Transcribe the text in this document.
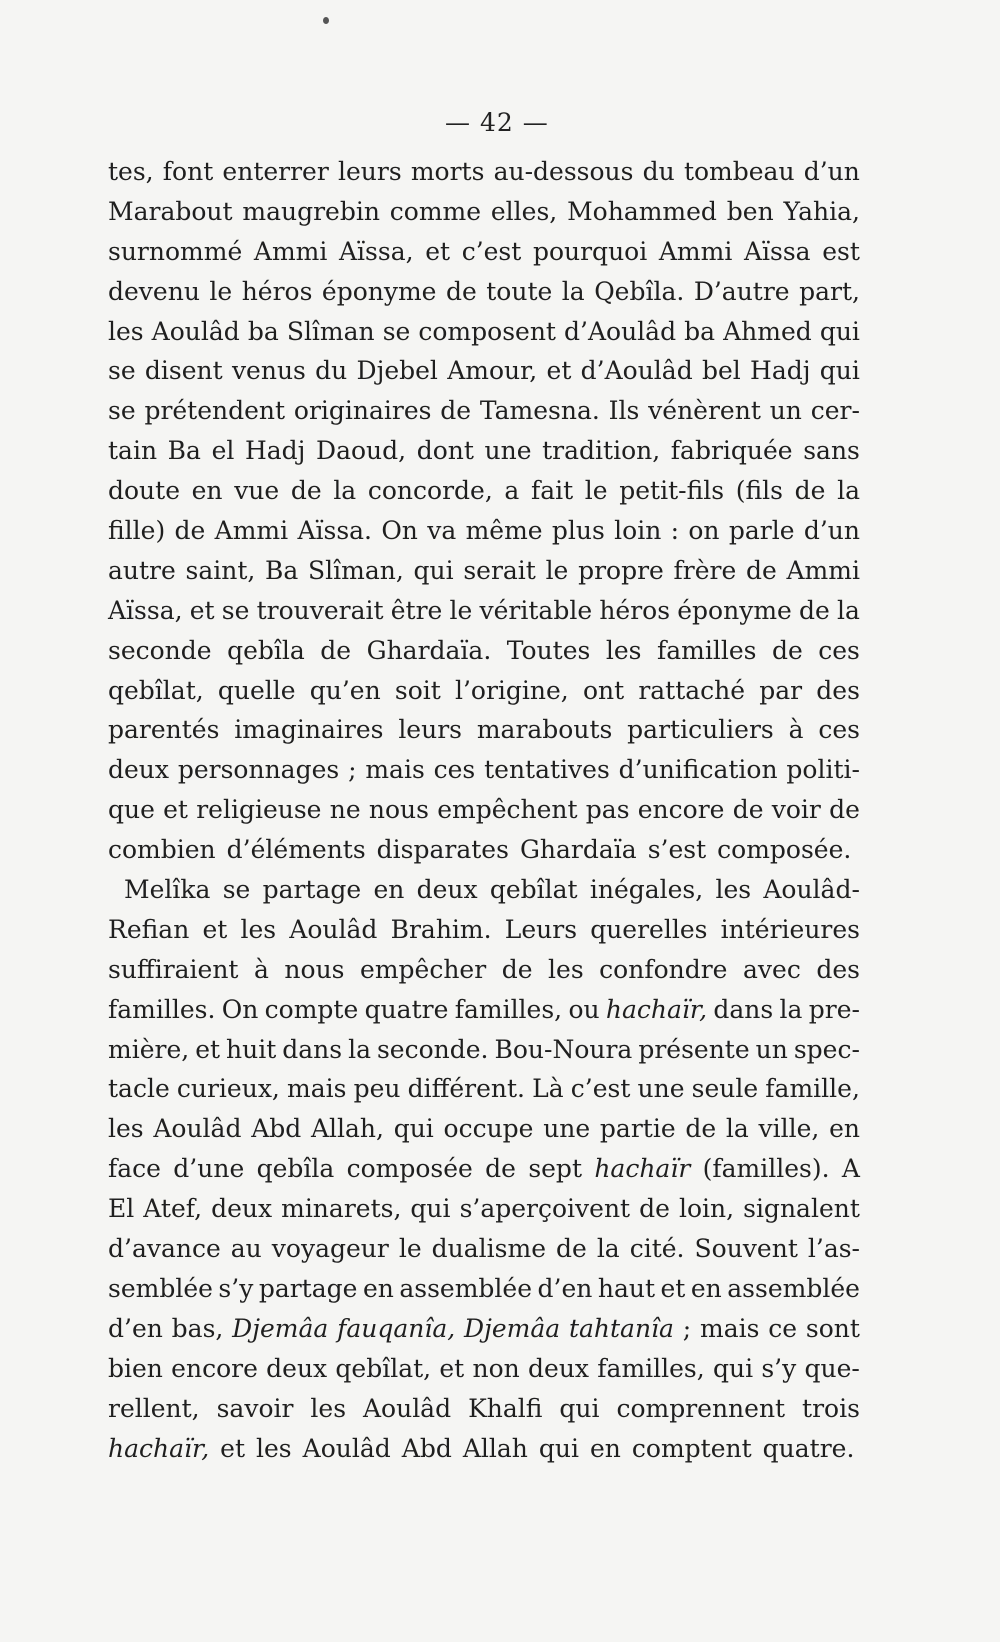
— 42 —
tes, font enterrer leurs morts au-dessous du tombeau d’un
Marabout maugrebin comme elles, Mohammed ben Yahia,
surnommé Ammi Aïssa, et c’est pourquoi Ammi Aïssa est
devenu le héros éponyme de toute la Qebîla. D’autre part,
les Aoulâd ba Slîman se composent d’Aoulâd ba Ahmed qui
se disent venus du Djebel Amour, et d’Aoulâd bel Hadj qui
se prétendent originaires de Tamesna. Ils vénèrent un cer-
tain Ba el Hadj Daoud, dont une tradition, fabriquée sans
doute en vue de la concorde, a fait le petit-fils (fils de la
fille) de Ammi Aïssa. On va même plus loin : on parle d’un
autre saint, Ba Slîman, qui serait le propre frère de Ammi
Aïssa, et se trouverait être le véritable héros éponyme de la
seconde qebîla de Ghardaïa. Toutes les familles de ces
qebîlat, quelle qu’en soit l’origine, ont rattaché par des
parentés imaginaires leurs marabouts particuliers à ces
deux personnages ; mais ces tentatives d’unification politi-
que et religieuse ne nous empêchent pas encore de voir de
combien d’éléments disparates Ghardaïa s’est composée.
Melîka se partage en deux qebîlat inégales, les Aoulâd-
Refian et les Aoulâd Brahim. Leurs querelles intérieures
suffiraient à nous empêcher de les confondre avec des
familles. On compte quatre familles, ou hachaïr, dans la pre-
mière, et huit dans la seconde. Bou-Noura présente un spec-
tacle curieux, mais peu différent. Là c’est une seule famille,
les Aoulâd Abd Allah, qui occupe une partie de la ville, en
face d’une qebîla composée de sept hachaïr (familles). A
El Atef, deux minarets, qui s’aperçoivent de loin, signalent
d’avance au voyageur le dualisme de la cité. Souvent l’as-
semblée s’y partage en assemblée d’en haut et en assemblée
d’en bas, Djemâa fauqanîa, Djemâa tahtanîa ; mais ce sont
bien encore deux qebîlat, et non deux familles, qui s’y que-
rellent, savoir les Aoulâd Khalfi qui comprennent trois
hachaïr, et les Aoulâd Abd Allah qui en comptent quatre.
